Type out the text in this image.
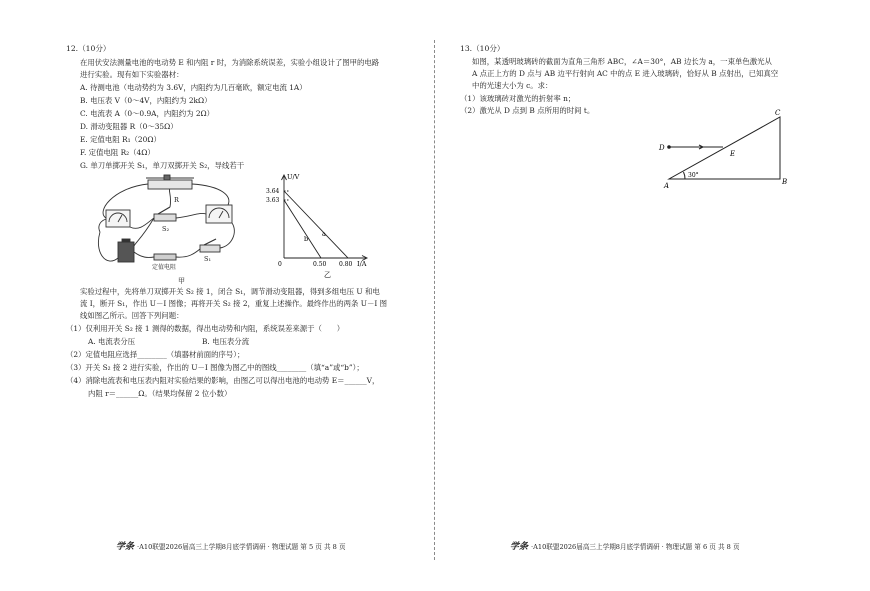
12.（10分）
在用伏安法测量电池的电动势 E 和内阻 r 时，为消除系统误差，实验小组设计了图甲的电路
进行实验。现有如下实验器材：
A. 待测电池（电动势约为 3.6V，内阻约为几百毫欧，额定电流 1A）
B. 电压表 V（0～4V，内阻约为 2kΩ）
C. 电流表 A（0～0.9A，内阻约为 2Ω）
D. 滑动变阻器 R（0～35Ω）
E. 定值电阻 R₁（20Ω）
F. 定值电阻 R₂（4Ω）
G. 单刀单掷开关 S₁，单刀双掷开关 S₂，导线若干
R
S₂
S₁
定值电阻
甲
U/V
3.64
3.63
0	0.50 0.80 I/A
a
b
乙
实验过程中，先将单刀双掷开关 S₂ 接 1，闭合 S₁，调节滑动变阻器，得到多组电压 U 和电
流 I，断开 S₁，作出 U－I 图像；再将开关 S₂ 接 2，重复上述操作。最终作出的两条 U－I 图
线如图乙所示。回答下列问题：
（1）仅利用开关 S₂ 接 1 测得的数据，得出电动势和内阻，系统误差来源于（　　）
A. 电流表分压	B. 电压表分流
（2）定值电阻应选择________（填器材前面的序号）；
（3）开关 S₂ 接 2 进行实验，作出的 U－I 图像为图乙中的图线________（填“a”或“b”）；
（4）消除电流表和电压表内阻对实验结果的影响，由图乙可以得出电池的电动势 E＝______V，
内阻 r＝______Ω。（结果均保留 2 位小数）
学条 ·A10联盟2026届高三上学期8月底学情调研 · 物理试题 第 5 页 共 8 页
13.（10分）
如图，某透明玻璃砖的截面为直角三角形 ABC，∠A＝30°，AB 边长为 a，一束单色激光从
A 点正上方的 D 点与 AB 边平行射向 AC 中的点 E 进入玻璃砖，恰好从 B 点射出，已知真空
中的光速大小为 c。求：
（1）该玻璃砖对激光的折射率 n；
（2）激光从 D 点到 B 点所用的时间 t。
D
E
A	B
C
30°
学条 ·A10联盟2026届高三上学期8月底学情调研 · 物理试题 第 6 页 共 8 页
